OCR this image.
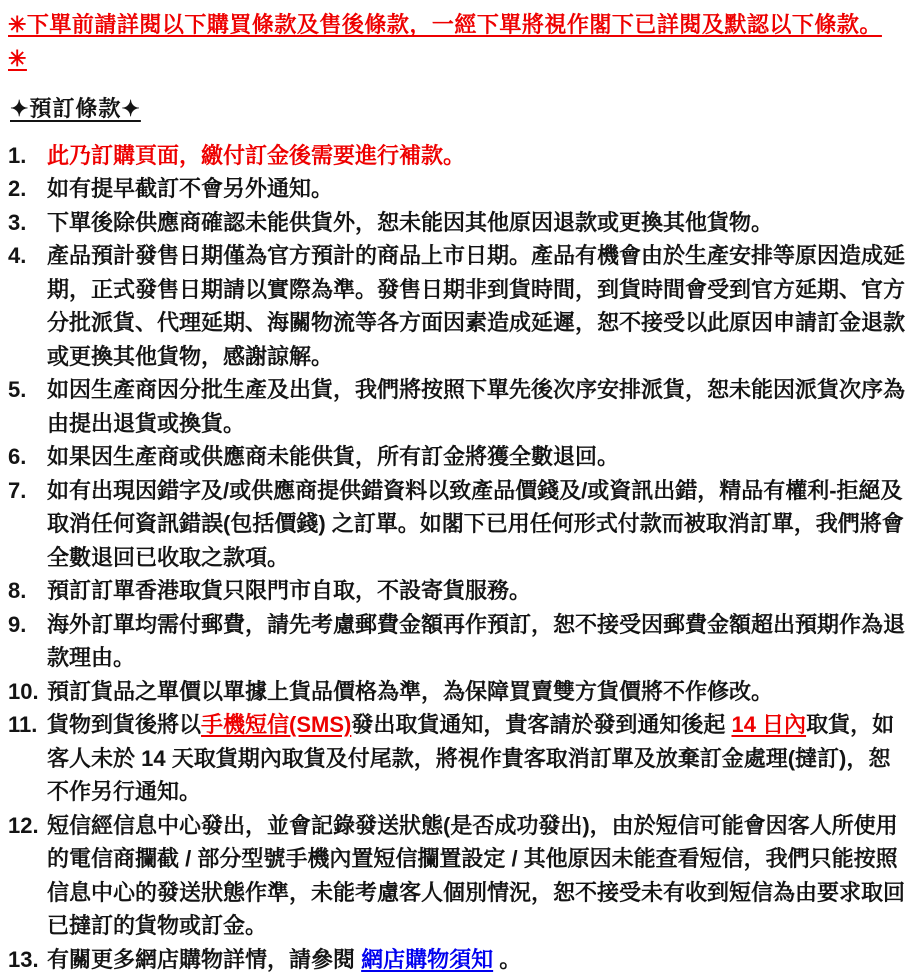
✳下單前請詳閱以下購買條款及售後條款，一經下單將視作閣下已詳閱及默認以下條款。 ✳

✦預訂條款✦
1. 此乃訂購頁面，繳付訂金後需要進行補款。
2. 如有提早截訂不會另外通知。
3. 下單後除供應商確認未能供貨外，恕未能因其他原因退款或更換其他貨物。
4. 產品預計發售日期僅為官方預計的商品上市日期。產品有機會由於生產安排等原因造成延期，正式發售日期請以實際為準。發售日期非到貨時間，到貨時間會受到官方延期、官方分批派貨、代理延期、海關物流等各方面因素造成延遲，恕不接受以此原因申請訂金退款或更換其他貨物，感謝諒解。
5. 如因生產商因分批生產及出貨，我們將按照下單先後次序安排派貨，恕未能因派貨次序為由提出退貨或換貨。
6. 如果因生產商或供應商未能供貨，所有訂金將獲全數退回。
7. 如有出現因錯字及/或供應商提供錯資料以致產品價錢及/或資訊出錯，精品有權利-拒絕及取消任何資訊錯誤(包括價錢) 之訂單。如閣下已用任何形式付款而被取消訂單，我們將會全數退回已收取之款項。
8. 預訂訂單香港取貨只限門市自取，不設寄貨服務。
9. 海外訂單均需付郵費，請先考慮郵費金額再作預訂，恕不接受因郵費金額超出預期作為退款理由。
10. 預訂貨品之單價以單據上貨品價格為準，為保障買賣雙方貨價將不作修改。
11. 貨物到貨後將以手機短信(SMS)發出取貨通知，貴客請於發到通知後起 14 日內取貨，如客人未於 14 天取貨期內取貨及付尾款，將視作貴客取消訂單及放棄訂金處理(撻訂)，恕不作另行通知。
12. 短信經信息中心發出，並會記錄發送狀態(是否成功發出)，由於短信可能會因客人所使用的電信商攔截 / 部分型號手機內置短信攔置設定 / 其他原因未能查看短信，我們只能按照信息中心的發送狀態作準，未能考慮客人個別情況，恕不接受未有收到短信為由要求取回已撻訂的貨物或訂金。
13. 有關更多網店購物詳情，請參閱 網店購物須知 。
